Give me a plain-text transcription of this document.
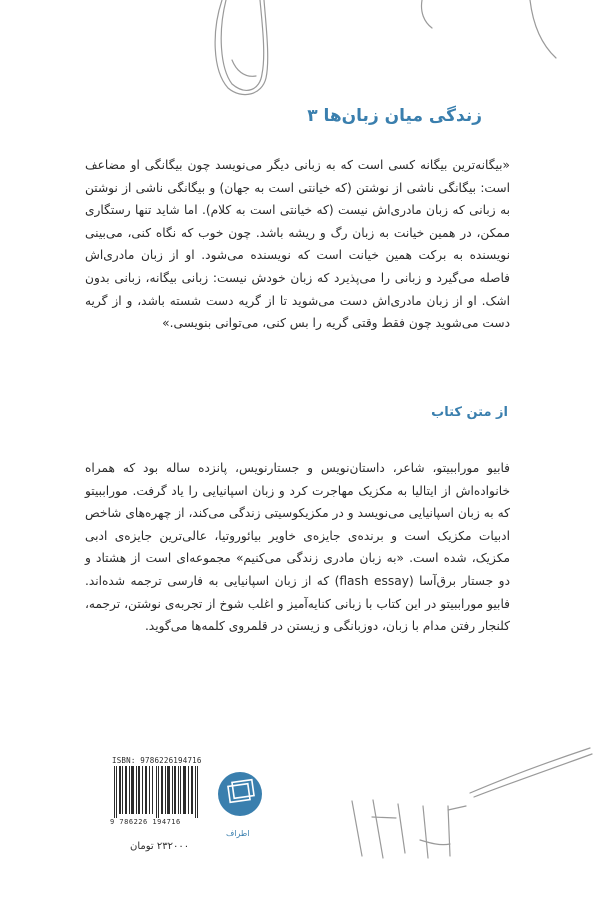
زندگی میان زبان‌ها ۳

«بیگانه‌ترین بیگانه کسی است که به زبانی دیگر می‌نویسد چون بیگانگی او مضاعف است: بیگانگی ناشی از نوشتن (که خیانتی است به جهان) و بیگانگی ناشی از نوشتن به زبانی که زبان مادری‌اش نیست (که خیانتی است به کلام). اما شاید تنها رستگاری ممکن، در همین خیانت به زبان رگ و ریشه باشد. چون خوب که نگاه کنی، می‌بینی نویسنده به برکت همین خیانت است که نویسنده می‌شود. او از زبان مادری‌اش فاصله می‌گیرد و زبانی را می‌پذیرد که زبان خودش نیست: زبانی بیگانه، زبانی بدون اشک. او از زبان مادری‌اش دست می‌شوید تا از گریه دست شسته باشد، و از گریه دست می‌شوید چون فقط وقتی گریه را بس کنی، می‌توانی بنویسی.»

از متن کتاب

فابیو موراببیتو، شاعر، داستان‌نویس و جستارنویس، پانزده ساله بود که همراه خانواده‌اش از ایتالیا به مکزیک مهاجرت کرد و زبان اسپانیایی را یاد گرفت. موراببیتو که به زبان اسپانیایی می‌نویسد و در مکزیکوسیتی زندگی می‌کند، از چهره‌های شاخص ادبیات مکزیک است و برنده‌ی جایزه‌ی خاویر بیائوروتیا، عالی‌ترین جایزه‌ی ادبی مکزیک، شده است. «به زبان مادری زندگی می‌کنیم» مجموعه‌ای است از هشتاد و دو جستار برق‌آسا (flash essay) که از زبان اسپانیایی به فارسی ترجمه شده‌اند. فابیو موراببیتو در این کتاب با زبانی کنایه‌آمیز و اغلب شوخ از تجربه‌ی نوشتن، ترجمه، کلنجار رفتن مدام با زبان، دوزبانگی و زیستن در قلمروی کلمه‌ها می‌گوید.

ISBN: 9786226194716
9 786226 194716
۲۳۲۰۰۰ تومان
اطراف
